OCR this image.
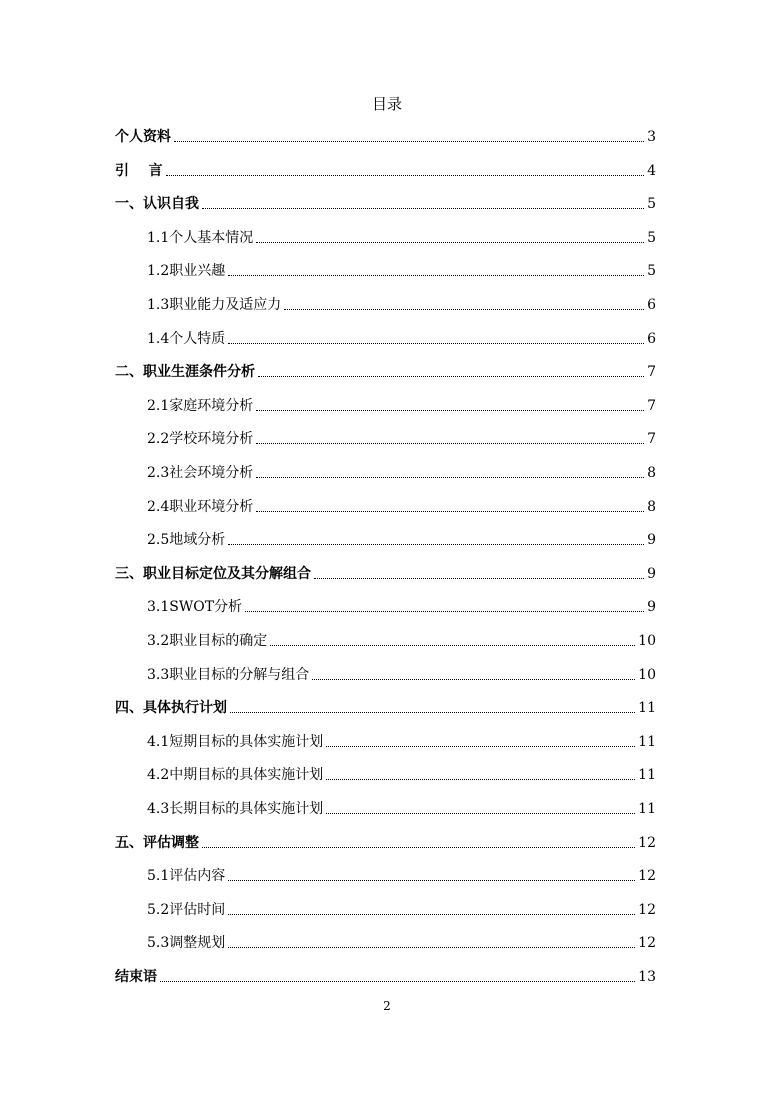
目录
个人资料	3
引    言	4
一、认识自我	5
1.1个人基本情况	5
1.2职业兴趣	5
1.3职业能力及适应力	6
1.4个人特质	6
二、职业生涯条件分析	7
2.1家庭环境分析	7
2.2学校环境分析	7
2.3社会环境分析	8
2.4职业环境分析	8
2.5地域分析	9
三、职业目标定位及其分解组合	9
3.1SWOT分析	9
3.2职业目标的确定	10
3.3职业目标的分解与组合	10
四、具体执行计划	11
4.1短期目标的具体实施计划	11
4.2中期目标的具体实施计划	11
4.3长期目标的具体实施计划	11
五、评估调整	12
5.1评估内容	12
5.2评估时间	12
5.3调整规划	12
结束语	13
2
